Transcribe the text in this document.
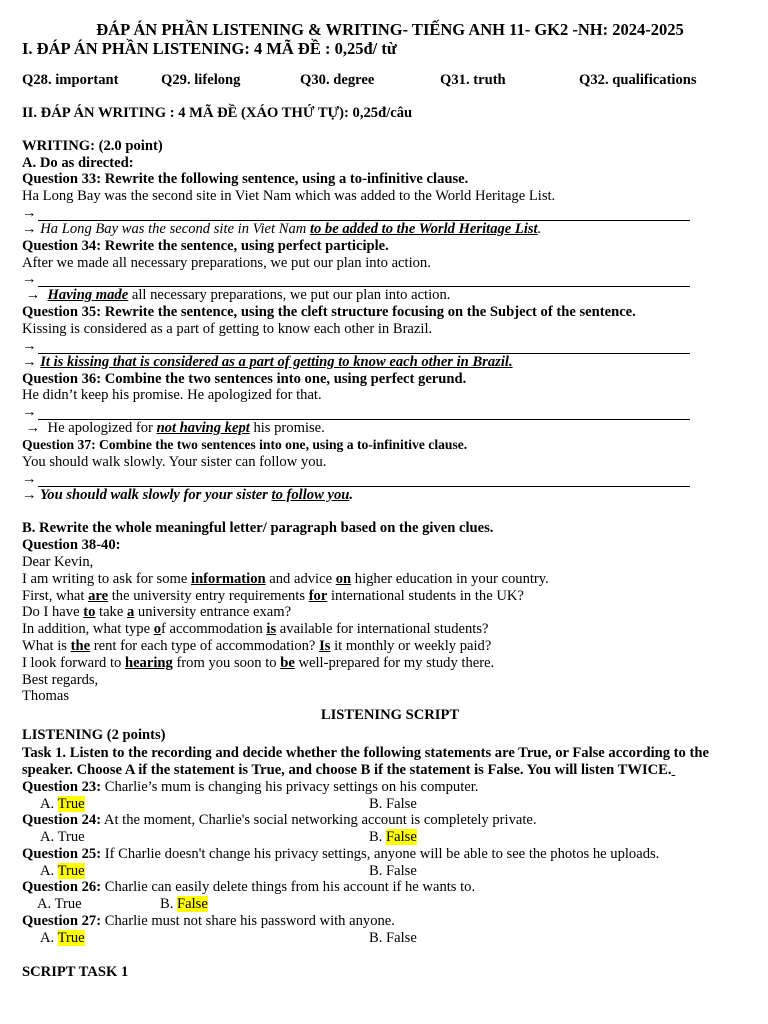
ĐÁP ÁN PHẦN LISTENING & WRITING- TIẾNG ANH 11- GK2 -NH: 2024-2025
I. ĐÁP ÁN PHẦN LISTENING: 4 MÃ ĐỀ : 0,25đ/ từ
Q28. important	Q29. lifelong	Q30. degree	Q31. truth	Q32. qualifications
II. ĐÁP ÁN WRITING : 4 MÃ ĐỀ (XÁO THỨ TỰ): 0,25đ/câu
WRITING: (2.0 point)
A. Do as directed:
Question 33: Rewrite the following sentence, using a to-infinitive clause.
Ha Long Bay was the second site in Viet Nam which was added to the World Heritage List.
→
→ Ha Long Bay was the second site in Viet Nam to be added to the World Heritage List.
Question 34: Rewrite the sentence, using perfect participle.
After we made all necessary preparations, we put our plan into action.
→
→ Having made all necessary preparations, we put our plan into action.
Question 35: Rewrite the sentence, using the cleft structure focusing on the Subject of the sentence.
Kissing is considered as a part of getting to know each other in Brazil.
→
→ It is kissing that is considered as a part of getting to know each other in Brazil.
Question 36: Combine the two sentences into one, using perfect gerund.
He didn’t keep his promise. He apologized for that.
→
→ He apologized for not having kept his promise.
Question 37: Combine the two sentences into one, using a to-infinitive clause.
You should walk slowly. Your sister can follow you.
→
→ You should walk slowly for your sister to follow you.
B. Rewrite the whole meaningful letter/ paragraph based on the given clues.
Question 38-40:
Dear Kevin,
I am writing to ask for some information and advice on higher education in your country.
First, what are the university entry requirements for international students in the UK?
Do I have to take a university entrance exam?
In addition, what type of accommodation is available for international students?
What is the rent for each type of accommodation? Is it monthly or weekly paid?
I look forward to hearing from you soon to be well-prepared for my study there.
Best regards,
Thomas
LISTENING SCRIPT
LISTENING (2 points)
Task 1. Listen to the recording and decide whether the following statements are True, or False according to the speaker. Choose A if the statement is True, and choose B if the statement is False. You will listen TWICE.
Question 23: Charlie’s mum is changing his privacy settings on his computer.
A. True	B. False
Question 24: At the moment, Charlie's social networking account is completely private.
A. True	B. False
Question 25: If Charlie doesn't change his privacy settings, anyone will be able to see the photos he uploads.
A. True	B. False
Question 26: Charlie can easily delete things from his account if he wants to.
A. True	B. False
Question 27: Charlie must not share his password with anyone.
A. True	B. False
SCRIPT TASK 1
